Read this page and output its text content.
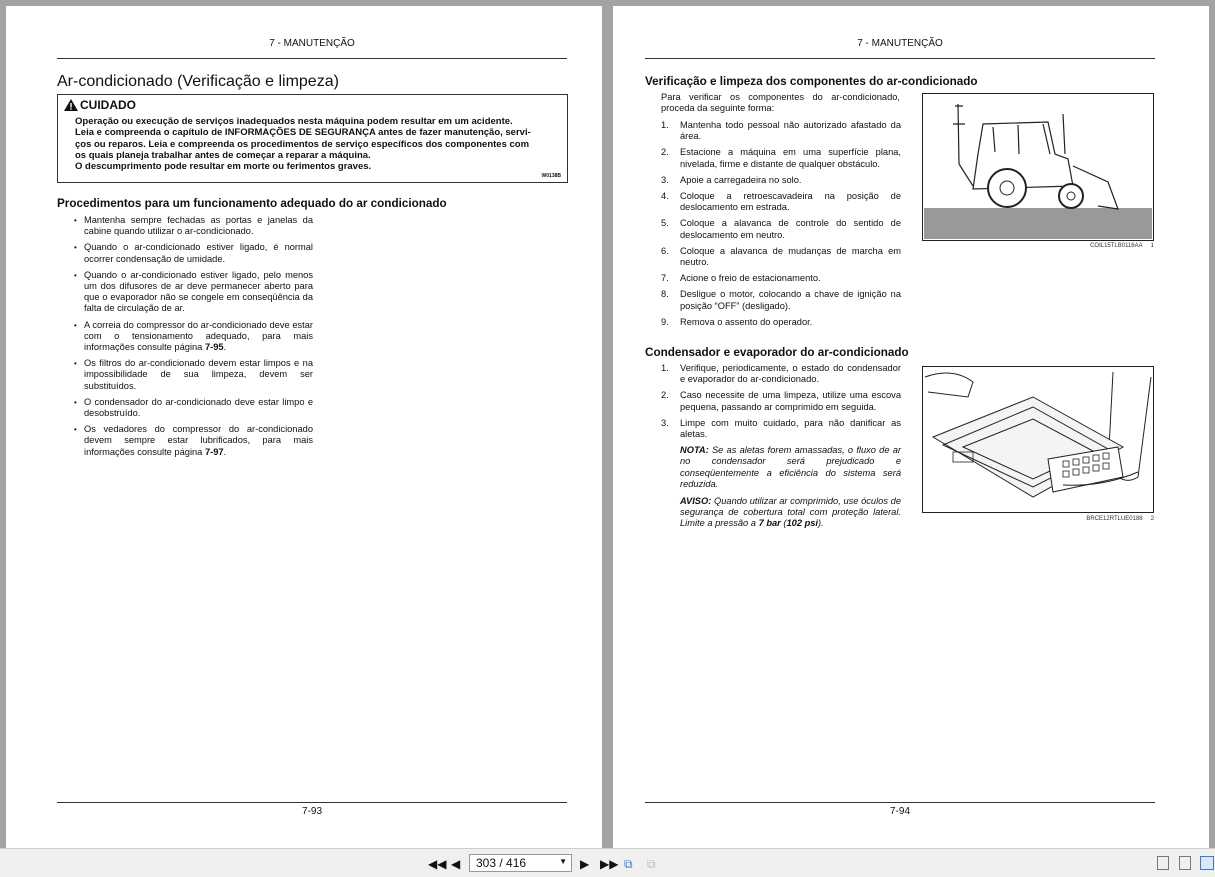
7 - MANUTENÇÃO
Ar-condicionado (Verificação e limpeza)
CUIDADO
Operação ou execução de serviços inadequados nesta máquina podem resultar em um acidente.
Leia e compreenda o capítulo de INFORMAÇÕES DE SEGURANÇA antes de fazer manutenção, servi-
ços ou reparos. Leia e compreenda os procedimentos de serviço específicos dos componentes com
os quais planeja trabalhar antes de começar a reparar a máquina.
O descumprimento pode resultar em morte ou ferimentos graves.
W0138B
Procedimentos para um funcionamento adequado do ar condicionado
• Mantenha sempre fechadas as portas e janelas da cabine quando utilizar o ar-condicionado.
• Quando o ar-condicionado estiver ligado, é normal ocorrer condensação de umidade.
• Quando o ar-condicionado estiver ligado, pelo menos um dos difusores de ar deve permanecer aberto para que o evaporador não se congele em conseqüência da falta de circulação de ar.
• A correia do compressor do ar-condicionado deve estar com o tensionamento adequado, para mais informações consulte página 7-95.
• Os filtros do ar-condicionado devem estar limpos e na impossibilidade de sua limpeza, devem ser substituídos.
• O condensador do ar-condicionado deve estar limpo e desobstruído.
• Os vedadores do compressor do ar-condicionado devem sempre estar lubrificados, para mais informações consulte página 7-97.
7-93
7 - MANUTENÇÃO
Verificação e limpeza dos componentes do ar-condicionado
Para verificar os componentes do ar-condicionado, proceda da seguinte forma:
1.	Mantenha todo pessoal não autorizado afastado da área.
2.	Estacione a máquina em uma superfície plana, nivelada, firme e distante de qualquer obstáculo.
3.	Apoie a carregadeira no solo.
4.	Coloque a retroescavadeira na posição de deslocamento em estrada.
5.	Coloque a alavanca de controle do sentido de deslocamento em neutro.
6.	Coloque a alavanca de mudanças de marcha em neutro.
7.	Acione o freio de estacionamento.
8.	Desligue o motor, colocando a chave de ignição na posição “OFF” (desligado).
9.	Remova o assento do operador.
COIL15TLB0116AA 1
Condensador e evaporador do ar-condicionado
1.	Verifique, periodicamente, o estado do condensador e evaporador do ar-condicionado.
2.	Caso necessite de uma limpeza, utilize uma escova pequena, passando ar comprimido em seguida.
3.	Limpe com muito cuidado, para não danificar as aletas.

NOTA: Se as aletas forem amassadas, o fluxo de ar no condensador será prejudicado e conseqüentemente a eficiência do sistema será reduzida.

AVISO: Quando utilizar ar comprimido, use óculos de segurança de cobertura total com proteção lateral. Limite a pressão a 7 bar (102 psi).	BRCE12RTLUE0188 2
7-94
◀◀ ◀	303 / 416	▼ ▶ ▶▶ ⧉ ⧉
